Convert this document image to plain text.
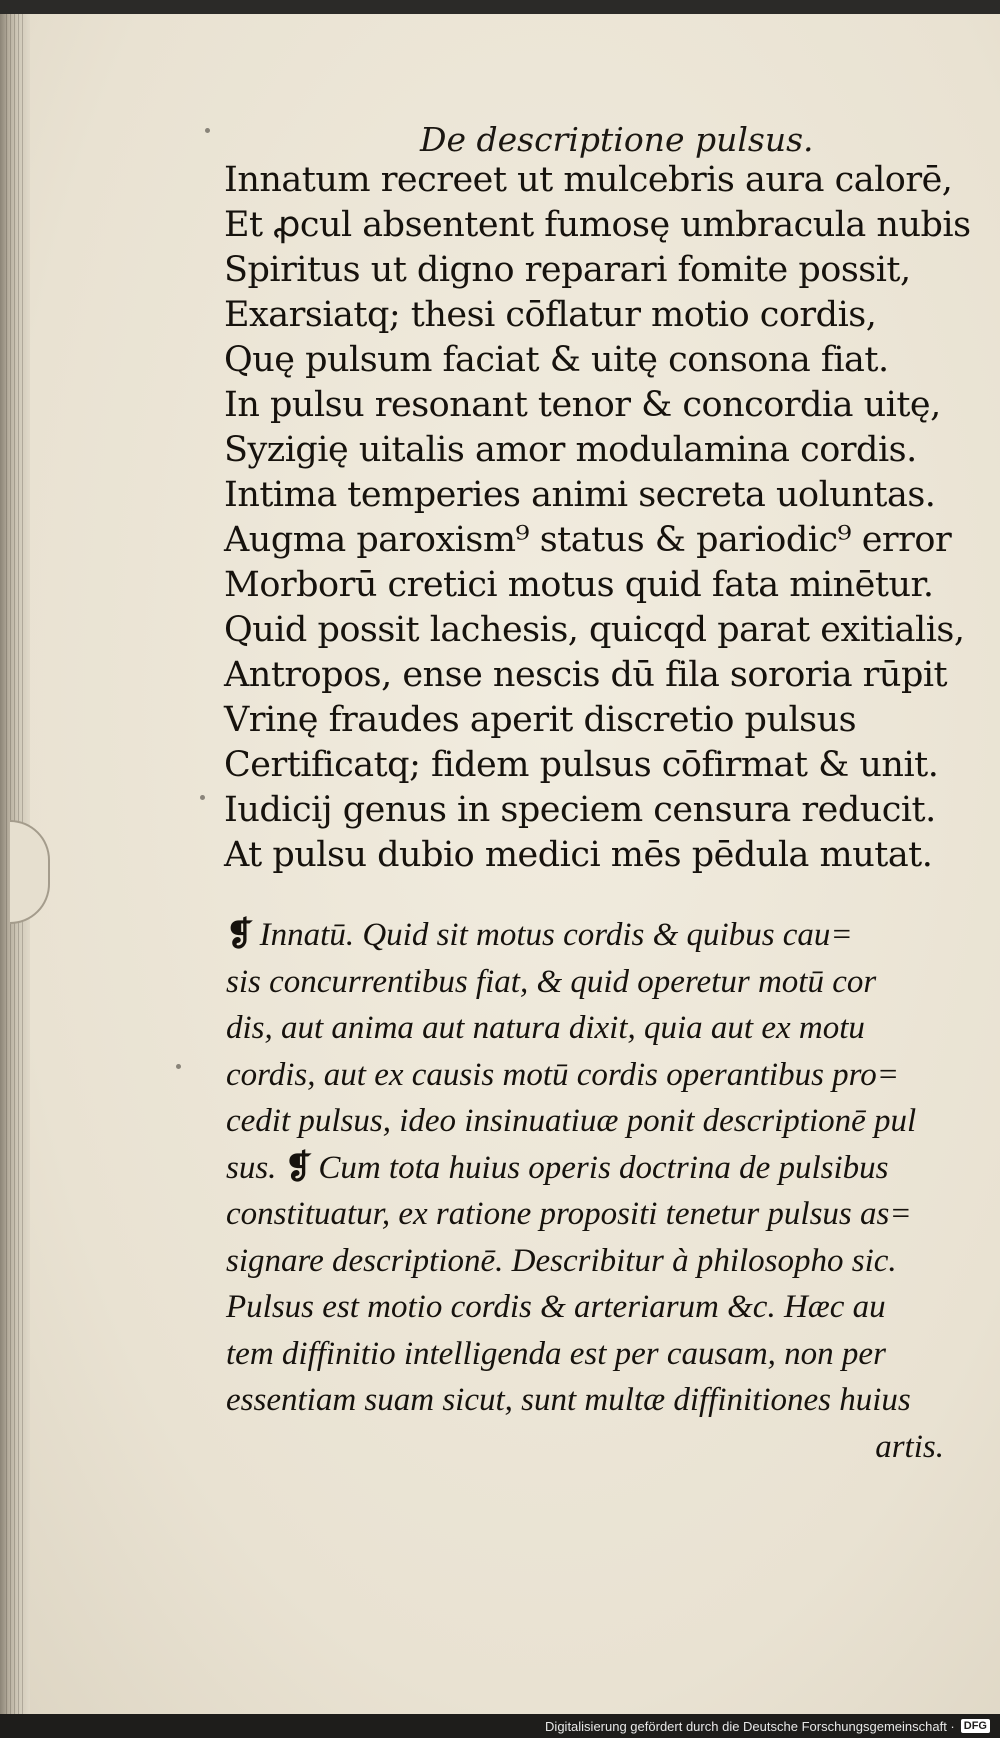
De descriptione pulsus.
Innatum recreet ut mulcebris aura calorē,
Et ꝓcul absentent fumosę umbracula nubis
Spiritus ut digno reparari fomite possit,
Exarsiatq; thesi cōflatur motio cordis,
Quę pulsum faciat & uitę consona fiat.
In pulsu resonant tenor & concordia uitę,
Syzigię uitalis amor modulamina cordis.
Intima temperies animi secreta uoluntas.
Augma paroxism⁹ status & pariodic⁹ error
Morborū cretici motus quid fata minētur.
Quid possit lachesis, quicqd parat exitialis,
Antropos, ense nescis dū fila sororia rūpit
Vrinę fraudes aperit discretio pulsus
Certificatq; fidem pulsus cōfirmat & unit.
Iudicij genus in speciem censura reducit.
At pulsu dubio medici mēs pēdula mutat.
❡ Innatū. Quid sit motus cordis & quibus cau=
sis concurrentibus fiat, & quid operetur motū cor
dis, aut anima aut natura dixit, quia aut ex motu
cordis, aut ex causis motū cordis operantibus pro=
cedit pulsus, ideo insinuatiuæ ponit descriptionē pul
sus. ❡ Cum tota huius operis doctrina de pulsibus
constituatur, ex ratione propositi tenetur pulsus as=
signare descriptionē. Describitur à philosopho sic.
Pulsus est motio cordis & arteriarum &c. Hæc au
tem diffinitio intelligenda est per causam, non per
essentiam suam sicut, sunt multæ diffinitiones huius
artis.
Digitalisierung gefördert durch die Deutsche Forschungsgemeinschaft · DFG
